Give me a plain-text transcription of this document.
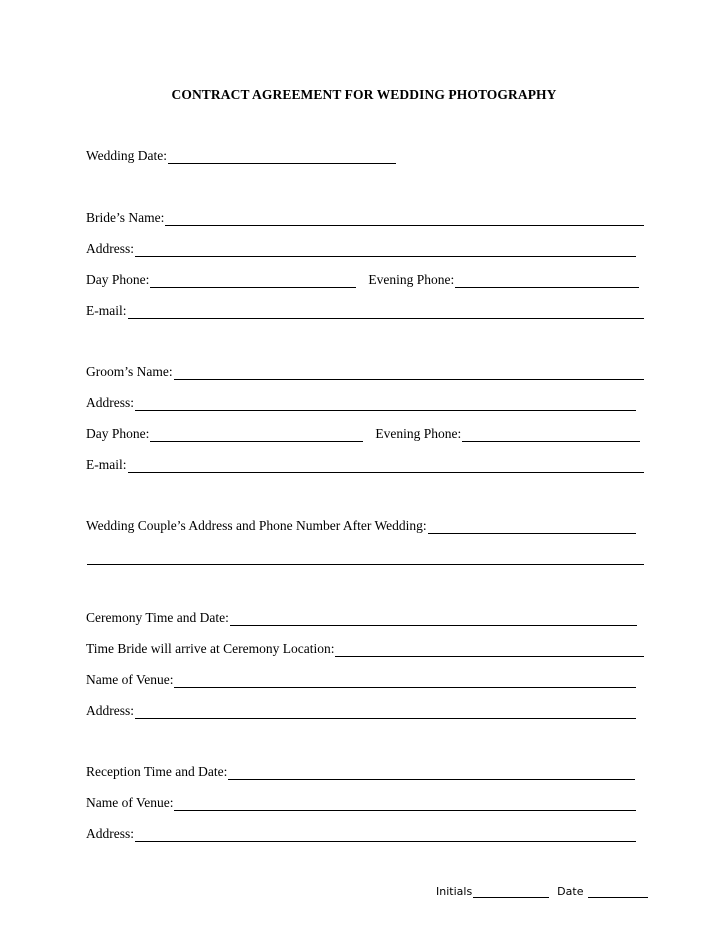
CONTRACT AGREEMENT FOR WEDDING PHOTOGRAPHY
Wedding Date:
Bride’s Name:
Address:
Day Phone:	Evening Phone:
E-mail:
Groom’s Name:
Address:
Day Phone:	Evening Phone:
E-mail:
Wedding Couple’s Address and Phone Number After Wedding:
Ceremony Time and Date:
Time Bride will arrive at Ceremony Location:
Name of Venue:
Address:
Reception Time and Date:
Name of Venue:
Address:
Initials	Date
